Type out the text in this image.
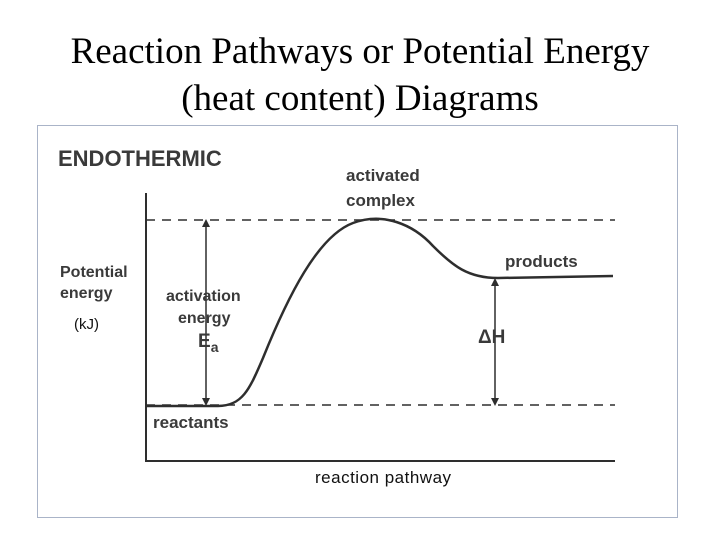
Reaction Pathways or Potential Energy
(heat content) Diagrams
ENDOTHERMIC
activated
complex
products
reactants
Potential
energy
(kJ)
activation
energy
$E_a$	ΔH
reaction pathway
